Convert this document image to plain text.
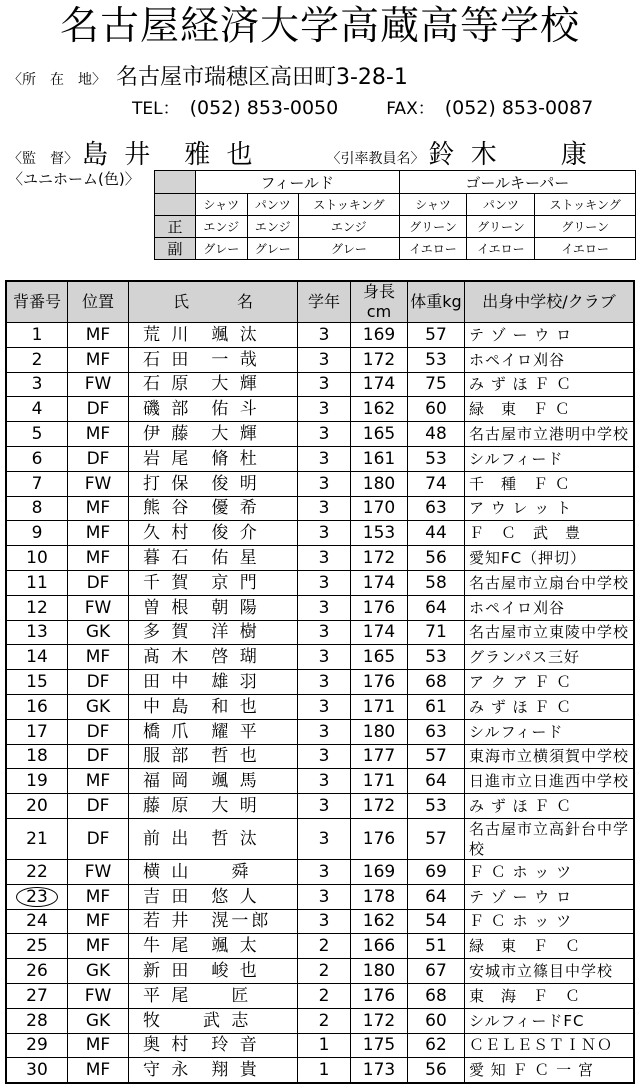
名古屋経済大学高蔵高等学校
〈所　在　地〉 名古屋市瑞穂区高田町3-28-1
TEL： (052) 853-0050	FAX： (052) 853-0087
〈監　督〉 島 井　雅 也	〈引率教員名〉 鈴 木　　康
〈ユニホーム(色)〉
		フィールド			ゴールキーパー		
	シャツ	パンツ	ストッキング	シャツ	パンツ	ストッキング
正	エンジ	エンジ	エンジ	グリーン	グリーン	グリーン
副	グレー	グレー	グレー	イエロー	イエロー	イエロー
背番号	位置	氏　　　名	学年	身長cm	体重kg	出身中学校/クラブ
1	MF	荒 川　颯 汰	3	169	57	テ ゾ ー ウ ロ
2	MF	石 田　一 哉	3	172	53	ホペイロ刈谷
3	FW	石 原　大 輝	3	174	75	み ず ほ Ｆ Ｃ
4	DF	磯 部　佑 斗	3	162	60	緑　東　Ｆ Ｃ
5	MF	伊 藤　大 輝	3	165	48	名古屋市立港明中学校
6	DF	岩 尾　脩 杜	3	161	53	シルフィード
7	FW	打 保　俊 明	3	180	74	千　種　Ｆ Ｃ
8	MF	熊 谷　優 希	3	170	63	ア ウ レ ッ ト
9	MF	久 村　俊 介	3	153	44	Ｆ　Ｃ　武　豊
10	MF	暮 石　佑 星	3	172	56	愛知FC（押切）
11	DF	千 賀　京 門	3	174	58	名古屋市立扇台中学校
12	FW	曽 根　朝 陽	3	176	64	ホペイロ刈谷
13	GK	多 賀　洋 樹	3	174	71	名古屋市立東陵中学校
14	MF	髙 木　啓 瑚	3	165	53	グランパス三好
15	DF	田 中　雄 羽	3	176	68	ア ク ア Ｆ Ｃ
16	GK	中 島　和 也	3	171	61	み ず ほ Ｆ Ｃ
17	DF	橋 爪　耀 平	3	180	63	シルフィード
18	DF	服 部　哲 也	3	177	57	東海市立横須賀中学校
19	MF	福 岡　颯 馬	3	171	64	日進市立日進西中学校
20	DF	藤 原　大 明	3	172	53	み ず ほ Ｆ Ｃ
21	DF	前 出　哲 汰	3	176	57	名古屋市立高針台中学校
22	FW	横 山　　舜	3	169	69	Ｆ Ｃ ホ ッ ツ
23	MF	吉 田　悠 人	3	178	64	テ ゾ ー ウ ロ
24	MF	若 井　滉一郎	3	162	54	Ｆ Ｃ ホ ッ ツ
25	MF	牛 尾　颯 太	2	166	51	緑　東　Ｆ　Ｃ
26	GK	新 田　峻 也	2	180	67	安城市立篠目中学校
27	FW	平 尾　　匠	2	176	68	東　海　Ｆ　Ｃ
28	GK	牧　　武 志	2	172	60	シルフィードFC
29	MF	奥 村　玲 音	1	175	62	ＣＥＬＥＳＴＩＮＯ
30	MF	守 永　翔 貴	1	173	56	愛 知 Ｆ Ｃ 一 宮
